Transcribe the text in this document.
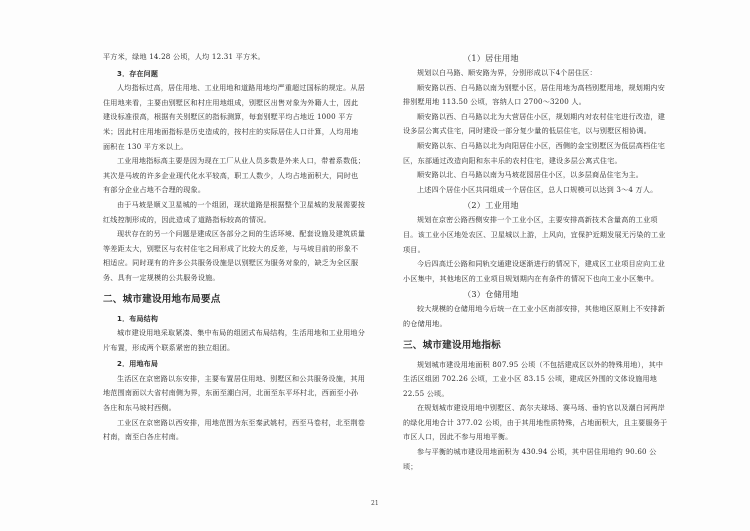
平方米，绿地 14.28 公顷，人均 12.31 平方米。

3．存在问题

人均指标过高，居住用地、工业用地和道路用地均严重超过国标的规定。从居住用地来看，主要由别墅区和村庄用地组成，别墅区出售对象为外籍人士，因此建设标准很高，根据有关别墅区的指标测算，每套别墅平均占地近 1000 平方米；因此村庄用地面指标是历史造成的，按村庄的实际居住人口计算，人均用地面积在 130 平方米以上。

工业用地指标高主要是因为现在工厂从业人员多数是外来人口，带着系数低；其次是马坡的许多企业现代化水平较高，职工人数少，人均占地面积大，同时也有部分企业占地不合理的现象。

由于马坡是顺义卫星城的一个组团，现状道路是根据整个卫星城的发展需要按红线控制形成的，因此造成了道路指标较高的情况。

现状存在的另一个问题是建成区各部分之间的生活环境、配套设施及建筑质量等差距太大，别墅区与农村住宅之间形成了比较大的反差，与马坡目前的形象不相适应。同时现有的许多公共服务设施是以别墅区为服务对象的，缺乏为全区服务、具有一定规模的公共服务设施。

二、城市建设用地布局要点

1．布局结构

城市建设用地采取紧凑、集中布局的组团式布局结构，生活用地和工业用地分片布置，形成两个联系紧密的独立组团。

2．用地布局

生活区在京密路以东安排，主要布置居住用地、别墅区和公共服务设施，其用地范围南面以大省村南侧为界，东面至潮白河，北面至东平坏村北，西面至小孙各庄和东马坡村西侧。

工业区在京密路以西安排，用地范围为东至秦武姚村，西至马卷村，北至荆卷村南，南至白各庄村南。

（1）居住用地

规划以白马路、顺安路为界，分别形成以下4个居住区：

顺安路以西、白马路以南为别墅小区，居住用地为高档别墅用地，规划期内安排别墅用地 113.50 公顷，容纳人口 2700～3200 人。

顺安路以西、白马路以北为大营居住小区，规划期内对农村住宅进行改造，建设多层公寓式住宅，同时建设一部分复少量的低层住宅，以与别墅区相协调。

顺安路以东、白马路以北为向阳居住小区，西侧的金宝别墅区为低层高档住宅区，东部通过改造向阳和东丰乐的农村住宅，建设多层公寓式住宅。

顺安路以北、白马路以南为马坡花园居住小区，以多层商品住宅为主。

上述四个居住小区共同组成一个居住区，总人口规模可以达到 3～4 万人。

（2）工业用地

规划在京密公路西侧安排一个工业小区，主要安排高新技术含量高的工业项目。该工业小区地处农区、卫星城以上游，上风向，宜保护近期发展无污染的工业项目。

今后四高迁公路和同轨交通建设逐渐进行的情况下，建成区工业项目应向工业小区集中，其他地区的工业项目规划期内在有条件的情况下也向工业小区集中。

（3）仓储用地

较大规模的仓储用地今后统一在工业小区南部安排，其他地区原则上不安排新的仓储用地。

三、城市建设用地指标

规划城市建设用地面积 807.95 公顷（不包括建成区以外的特殊用地），其中生活区组团 702.26 公顷，工业小区 83.15 公顷，建成区外围的文体设施用地 22.55 公顷。

在规划城市建设用地中别墅区、高尔夫球场、赛马场、垂钓官以及潮白河两岸的绿化用地合计 377.02 公顷，由于其用地性质特殊，占地面积大，且主要服务于市区人口，因此不参与用地平衡。

参与平衡的城市建设用地面积为 430.94 公顷，其中居住用地约 90.60 公顷；

21
